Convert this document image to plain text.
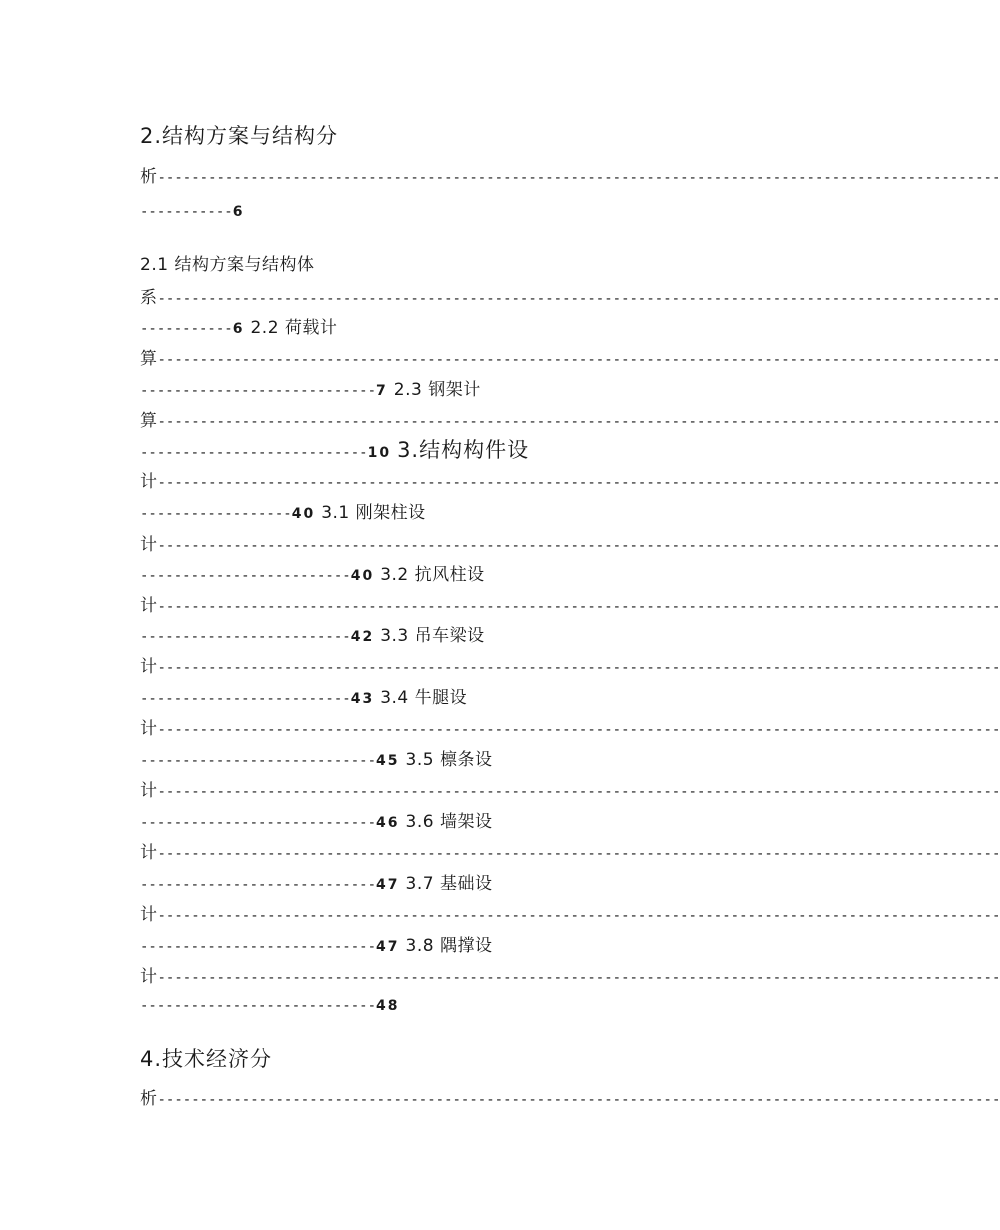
2.结构方案与结构分
析----------------------------------------------------------------------------------------------------
-----------6
2.1 结构方案与结构体
系----------------------------------------------------------------------------------------------------
-----------6 2.2 荷载计
算----------------------------------------------------------------------------------------------------
----------------------------7 2.3 钢架计
算----------------------------------------------------------------------------------------------------
---------------------------10 3.结构构件设
计----------------------------------------------------------------------------------------------------
------------------40 3.1 刚架柱设
计----------------------------------------------------------------------------------------------------
-------------------------40 3.2 抗风柱设
计----------------------------------------------------------------------------------------------------
-------------------------42 3.3 吊车梁设
计----------------------------------------------------------------------------------------------------
-------------------------43 3.4 牛腿设
计----------------------------------------------------------------------------------------------------
----------------------------45 3.5 檩条设
计----------------------------------------------------------------------------------------------------
----------------------------46 3.6 墙架设
计----------------------------------------------------------------------------------------------------
----------------------------47 3.7 基础设
计----------------------------------------------------------------------------------------------------
----------------------------47 3.8 隅撑设
计----------------------------------------------------------------------------------------------------
----------------------------48
4.技术经济分
析----------------------------------------------------------------------------------------------------
